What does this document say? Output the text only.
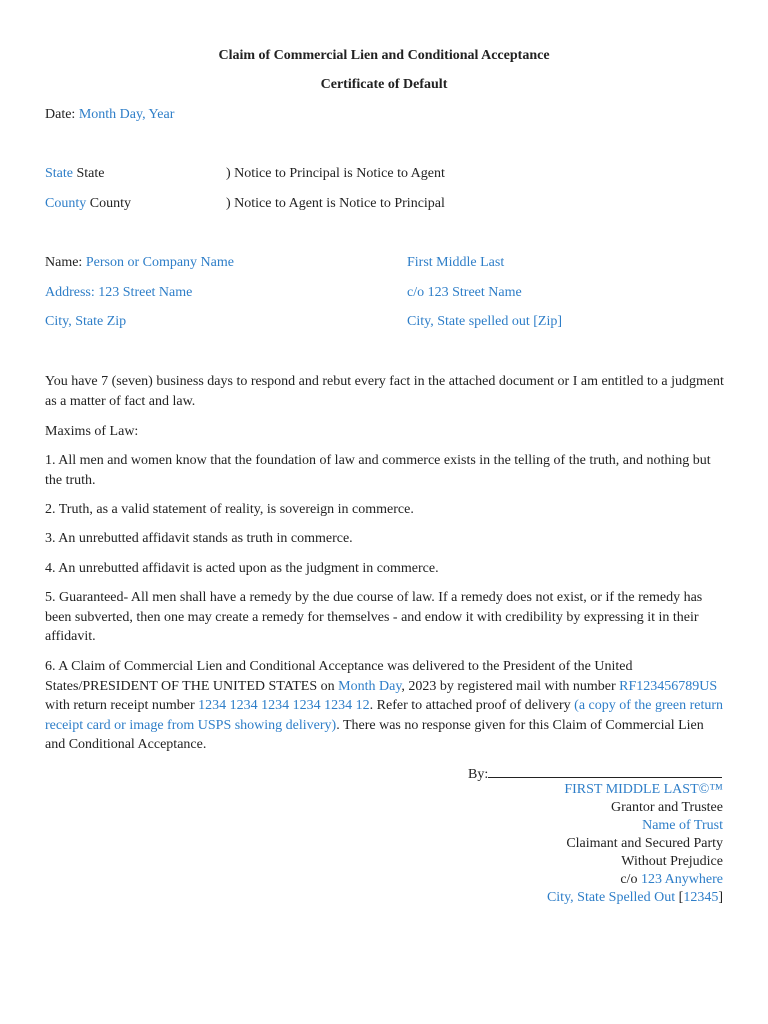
Claim of Commercial Lien and Conditional Acceptance
Certificate of Default
Date: Month Day, Year
State State	) Notice to Principal is Notice to Agent
County County	) Notice to Agent is Notice to Principal
Name: Person or Company Name
Address: 123 Street Name
City, State Zip
First Middle Last
c/o 123 Street Name
City, State spelled out [Zip]
You have 7 (seven) business days to respond and rebut every fact in the attached document or I am entitled to a judgment as a matter of fact and law.
Maxims of Law:
1. All men and women know that the foundation of law and commerce exists in the telling of the truth, and nothing but the truth.
2. Truth, as a valid statement of reality, is sovereign in commerce.
3. An unrebutted affidavit stands as truth in commerce.
4. An unrebutted affidavit is acted upon as the judgment in commerce.
5. Guaranteed- All men shall have a remedy by the due course of law. If a remedy does not exist, or if the remedy has been subverted, then one may create a remedy for themselves - and endow it with credibility by expressing it in their affidavit.
6. A Claim of Commercial Lien and Conditional Acceptance was delivered to the President of the United States/PRESIDENT OF THE UNITED STATES on Month Day, 2023 by registered mail with number RF123456789US with return receipt number 1234 1234 1234 1234 1234 12. Refer to attached proof of delivery (a copy of the green return receipt card or image from USPS showing delivery). There was no response given for this Claim of Commercial Lien and Conditional Acceptance.
By:
FIRST MIDDLE LAST©™
Grantor and Trustee
Name of Trust
Claimant and Secured Party
Without Prejudice
c/o 123 Anywhere
City, State Spelled Out [12345]
